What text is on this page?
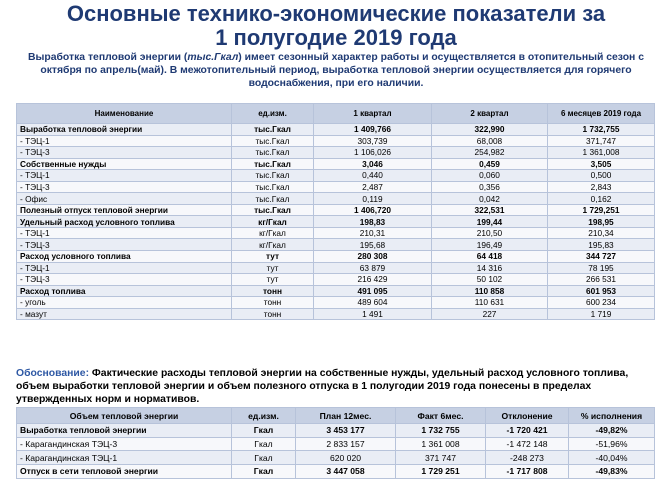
Основные технико-экономические показатели за
1 полугодие 2019 года
Выработка тепловой энергии (тыс.Гкал) имеет сезонный характер работы и осуществляется в отопительный сезон с октября по апрель(май). В межотопительный период, выработка тепловой энергии осуществляется для горячего водоснабжения, при его наличии.
Наименование	ед.изм.	1 квартал	2 квартал	6 месяцев 2019 года
Выработка тепловой энергии	тыс.Гкал	1 409,766	322,990	1 732,755
- ТЭЦ-1	тыс.Гкал	303,739	68,008	371,747
- ТЭЦ-3	тыс.Гкал	1 106,026	254,982	1 361,008
Собственные нужды	тыс.Гкал	3,046	0,459	3,505
- ТЭЦ-1	тыс.Гкал	0,440	0,060	0,500
- ТЭЦ-3	тыс.Гкал	2,487	0,356	2,843
- Офис	тыс.Гкал	0,119	0,042	0,162
Полезный отпуск тепловой энергии	тыс.Гкал	1 406,720	322,531	1 729,251
Удельный расход условного топлива	кг/Гкал	198,83	199,44	198,95
- ТЭЦ-1	кг/Гкал	210,31	210,50	210,34
- ТЭЦ-3	кг/Гкал	195,68	196,49	195,83
Расход условного топлива	тут	280 308	64 418	344 727
- ТЭЦ-1	тут	63 879	14 316	78 195
- ТЭЦ-3	тут	216 429	50 102	266 531
Расход топлива	тонн	491 095	110 858	601 953
- уголь	тонн	489 604	110 631	600 234
- мазут	тонн	1 491	227	1 719
Обоснование: Фактические расходы тепловой энергии на собственные нужды, удельный расход условного топлива, объем выработки тепловой энергии и объем полезного отпуска в 1 полугодии 2019 года понесены в пределах утвержденных норм и нормативов.
Объем тепловой энергии	ед.изм.	План 12мес.	Факт 6мес.	Отклонение	% исполнения
Выработка тепловой энергии	Гкал	3 453 177	1 732 755	-1 720 421	-49,82%
- Карагандинская ТЭЦ-3	Гкал	2 833 157	1 361 008	-1 472 148	-51,96%
- Карагандинская ТЭЦ-1	Гкал	620 020	371 747	-248 273	-40,04%
Отпуск в сети тепловой энергии	Гкал	3 447 058	1 729 251	-1 717 808	-49,83%
